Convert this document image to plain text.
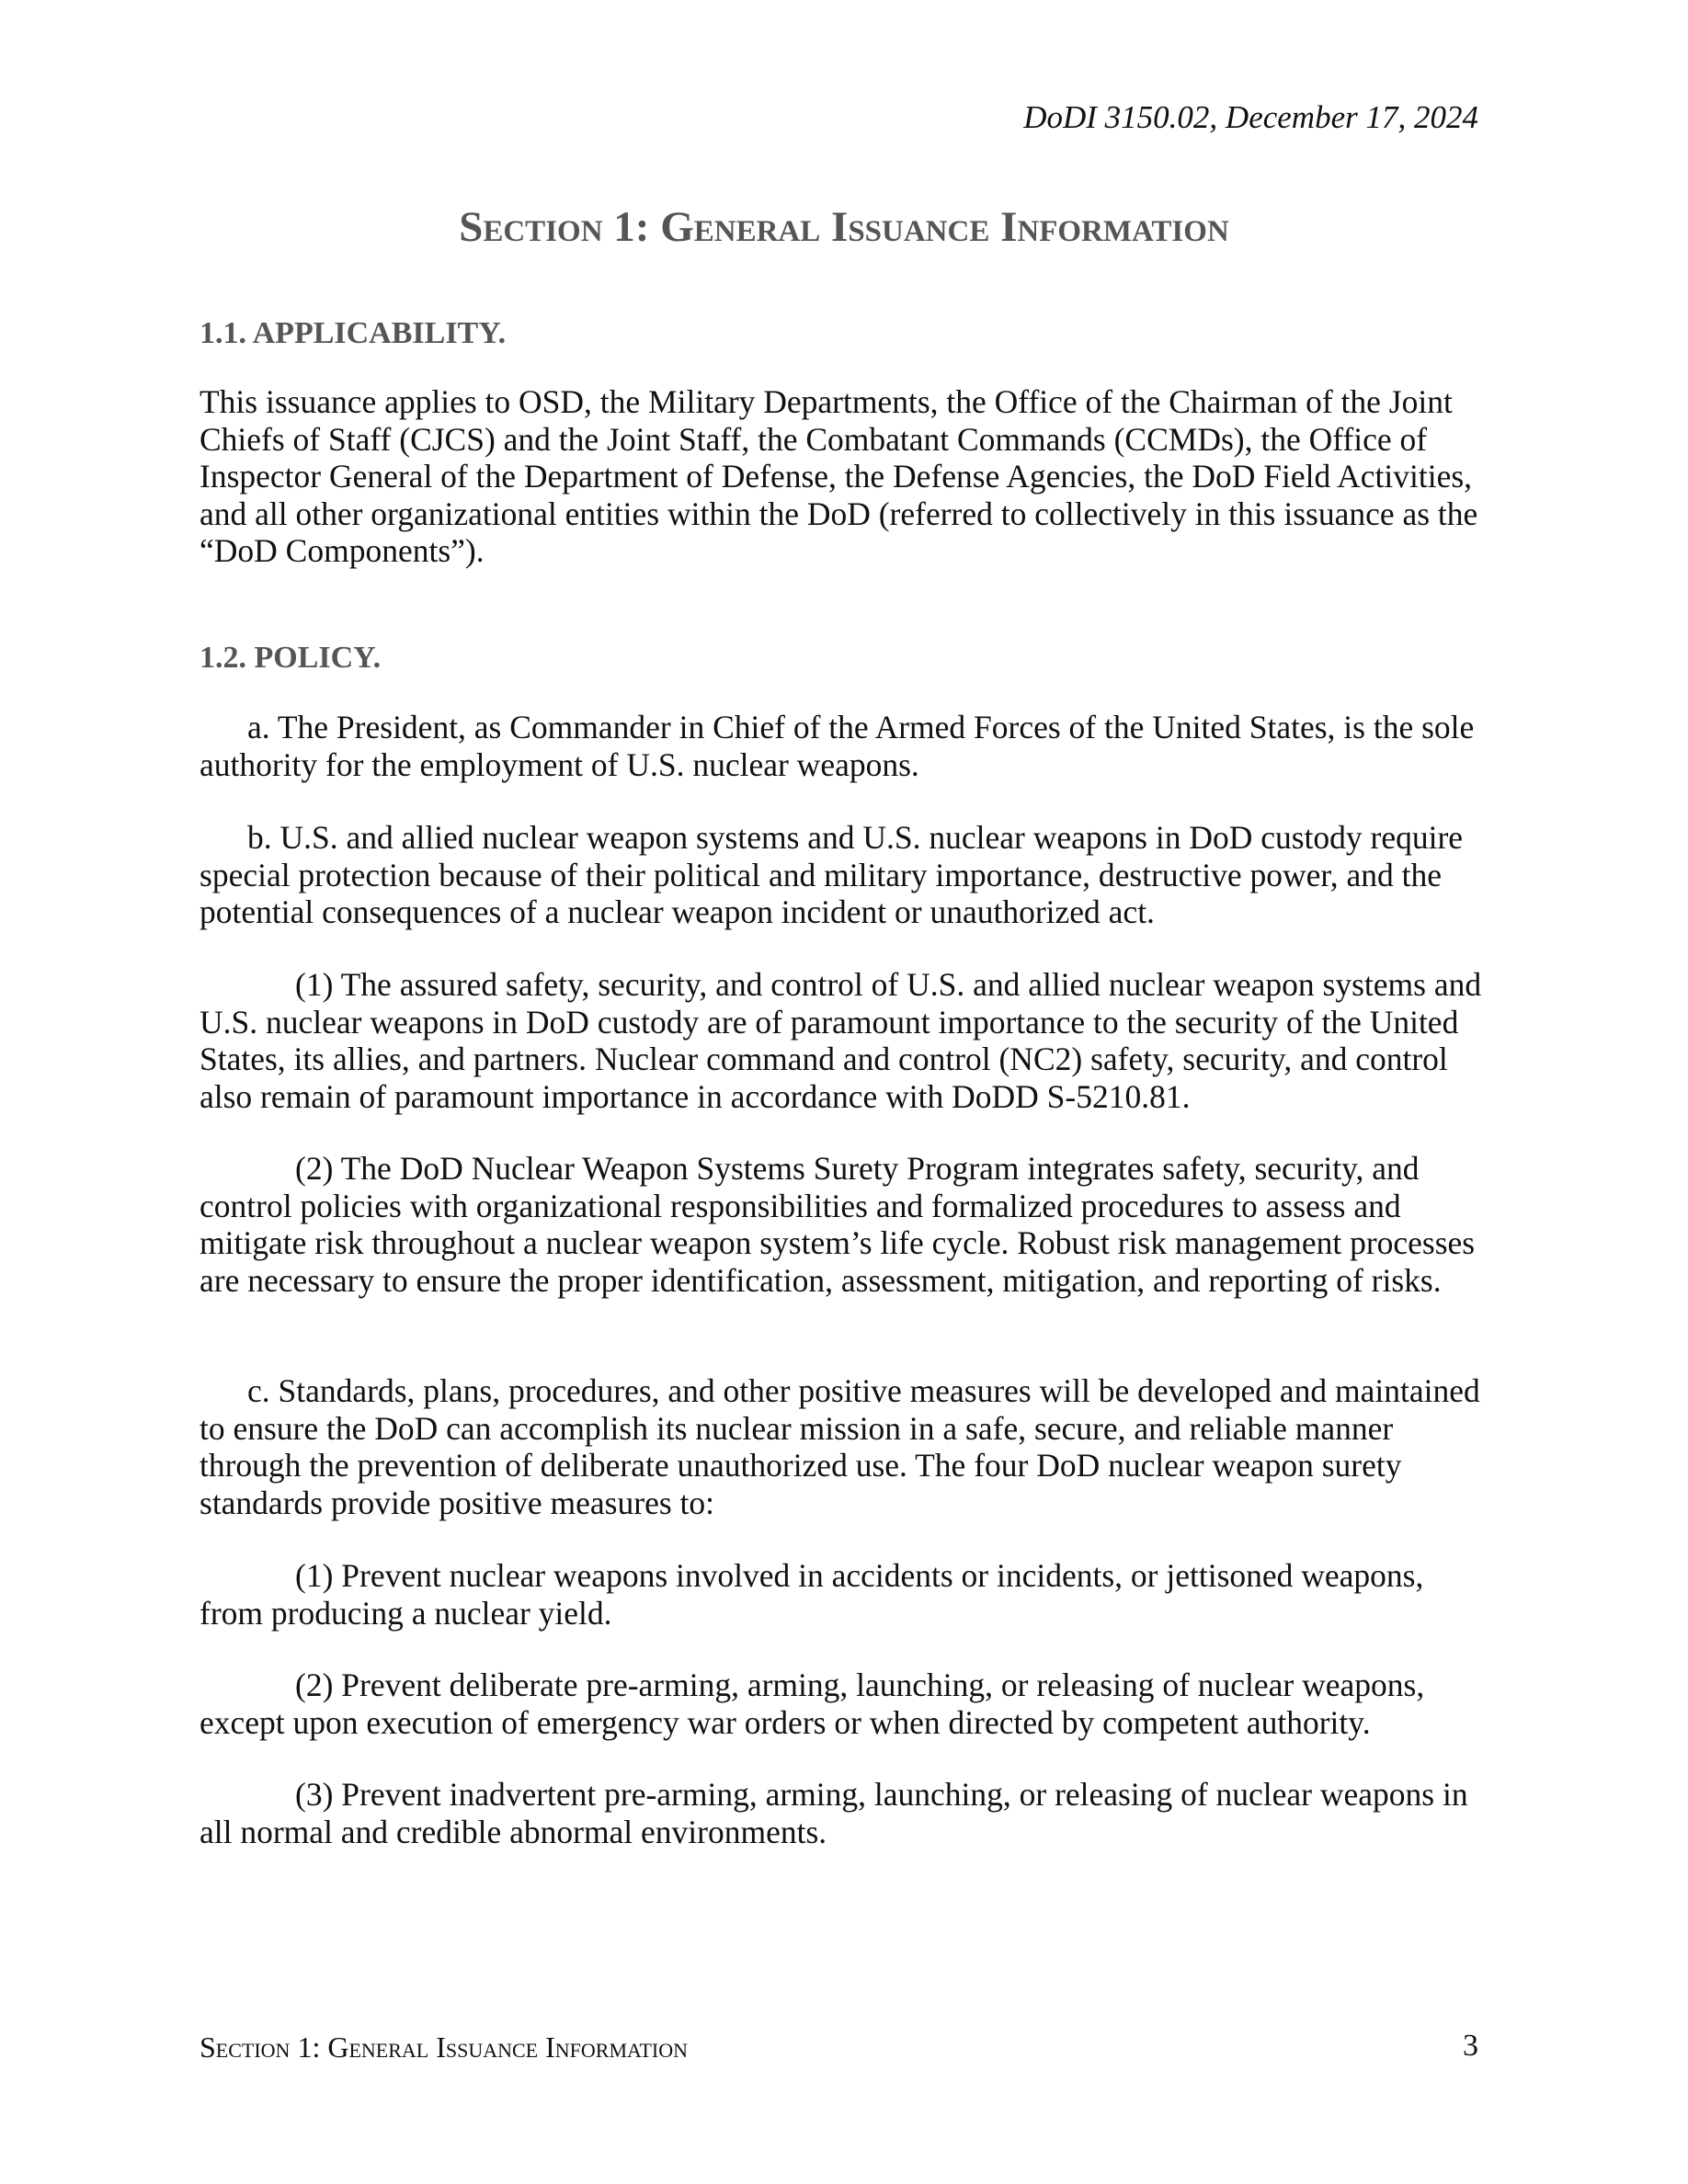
DoDI 3150.02, December 17, 2024
Section 1: General Issuance Information
1.1. APPLICABILITY.

This issuance applies to OSD, the Military Departments, the Office of the Chairman of the Joint Chiefs of Staff (CJCS) and the Joint Staff, the Combatant Commands (CCMDs), the Office of Inspector General of the Department of Defense, the Defense Agencies, the DoD Field Activities, and all other organizational entities within the DoD (referred to collectively in this issuance as the “DoD Components”).

1.2. POLICY.

a. The President, as Commander in Chief of the Armed Forces of the United States, is the sole authority for the employment of U.S. nuclear weapons.

b. U.S. and allied nuclear weapon systems and U.S. nuclear weapons in DoD custody require special protection because of their political and military importance, destructive power, and the potential consequences of a nuclear weapon incident or unauthorized act.

(1) The assured safety, security, and control of U.S. and allied nuclear weapon systems and U.S. nuclear weapons in DoD custody are of paramount importance to the security of the United States, its allies, and partners. Nuclear command and control (NC2) safety, security, and control also remain of paramount importance in accordance with DoDD S-5210.81.

(2) The DoD Nuclear Weapon Systems Surety Program integrates safety, security, and control policies with organizational responsibilities and formalized procedures to assess and mitigate risk throughout a nuclear weapon system’s life cycle. Robust risk management processes are necessary to ensure the proper identification, assessment, mitigation, and reporting of risks.

c. Standards, plans, procedures, and other positive measures will be developed and maintained to ensure the DoD can accomplish its nuclear mission in a safe, secure, and reliable manner through the prevention of deliberate unauthorized use. The four DoD nuclear weapon surety standards provide positive measures to:

(1) Prevent nuclear weapons involved in accidents or incidents, or jettisoned weapons, from producing a nuclear yield.

(2) Prevent deliberate pre-arming, arming, launching, or releasing of nuclear weapons, except upon execution of emergency war orders or when directed by competent authority.

(3) Prevent inadvertent pre-arming, arming, launching, or releasing of nuclear weapons in all normal and credible abnormal environments.

Section 1: General Issuance Information	3
